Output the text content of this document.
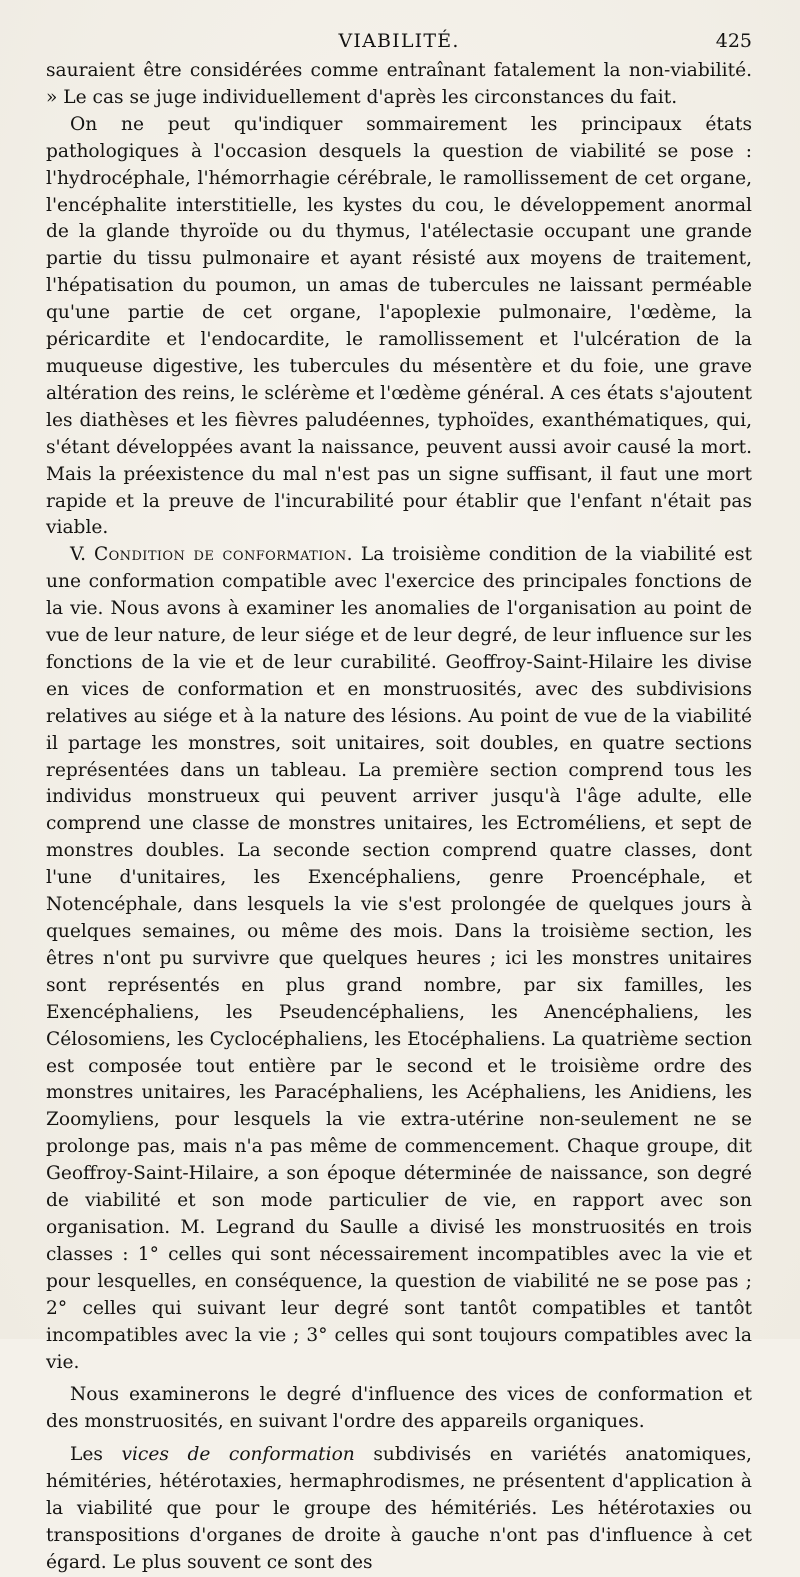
VIABILITÉ.	425

sauraient être considérées comme entraînant fatalement la non-viabilité. » Le cas se juge individuellement d'après les circonstances du fait.

On ne peut qu'indiquer sommairement les principaux états pathologiques à l'occasion desquels la question de viabilité se pose : l'hydrocéphale, l'hémorrhagie cérébrale, le ramollissement de cet organe, l'encéphalite interstitielle, les kystes du cou, le développement anormal de la glande thyroïde ou du thymus, l'atélectasie occupant une grande partie du tissu pulmonaire et ayant résisté aux moyens de traitement, l'hépatisation du poumon, un amas de tubercules ne laissant perméable qu'une partie de cet organe, l'apoplexie pulmonaire, l'œdème, la péricardite et l'endocardite, le ramollissement et l'ulcération de la muqueuse digestive, les tubercules du mésentère et du foie, une grave altération des reins, le sclérème et l'œdème général. A ces états s'ajoutent les diathèses et les fièvres paludéennes, typhoïdes, exanthématiques, qui, s'étant développées avant la naissance, peuvent aussi avoir causé la mort. Mais la préexistence du mal n'est pas un signe suffisant, il faut une mort rapide et la preuve de l'incurabilité pour établir que l'enfant n'était pas viable.

V. Condition de conformation. La troisième condition de la viabilité est une conformation compatible avec l'exercice des principales fonctions de la vie. Nous avons à examiner les anomalies de l'organisation au point de vue de leur nature, de leur siége et de leur degré, de leur influence sur les fonctions de la vie et de leur curabilité. Geoffroy-Saint-Hilaire les divise en vices de conformation et en monstruosités, avec des subdivisions relatives au siége et à la nature des lésions. Au point de vue de la viabilité il partage les monstres, soit unitaires, soit doubles, en quatre sections représentées dans un tableau. La première section comprend tous les individus monstrueux qui peuvent arriver jusqu'à l'âge adulte, elle comprend une classe de monstres unitaires, les Ectroméliens, et sept de monstres doubles. La seconde section comprend quatre classes, dont l'une d'unitaires, les Exencéphaliens, genre Proencéphale, et Notencéphale, dans lesquels la vie s'est prolongée de quelques jours à quelques semaines, ou même des mois. Dans la troisième section, les êtres n'ont pu survivre que quelques heures ; ici les monstres unitaires sont représentés en plus grand nombre, par six familles, les Exencéphaliens, les Pseudencéphaliens, les Anencéphaliens, les Célosomiens, les Cyclocéphaliens, les Etocéphaliens. La quatrième section est composée tout entière par le second et le troisième ordre des monstres unitaires, les Paracéphaliens, les Acéphaliens, les Anidiens, les Zoomyliens, pour lesquels la vie extra-utérine non-seulement ne se prolonge pas, mais n'a pas même de commencement. Chaque groupe, dit Geoffroy-Saint-Hilaire, a son époque déterminée de naissance, son degré de viabilité et son mode particulier de vie, en rapport avec son organisation. M. Legrand du Saulle a divisé les monstruosités en trois classes : 1° celles qui sont nécessairement incompatibles avec la vie et pour lesquelles, en conséquence, la question de viabilité ne se pose pas ; 2° celles qui suivant leur degré sont tantôt compatibles et tantôt incompatibles avec la vie ; 3° celles qui sont toujours compatibles avec la vie.

Nous examinerons le degré d'influence des vices de conformation et des monstruosités, en suivant l'ordre des appareils organiques.

Les vices de conformation subdivisés en variétés anatomiques, hémitéries, hétérotaxies, hermaphrodismes, ne présentent d'application à la viabilité que pour le groupe des hémitériés. Les hétérotaxies ou transpositions d'organes de droite à gauche n'ont pas d'influence à cet égard. Le plus souvent ce sont des
